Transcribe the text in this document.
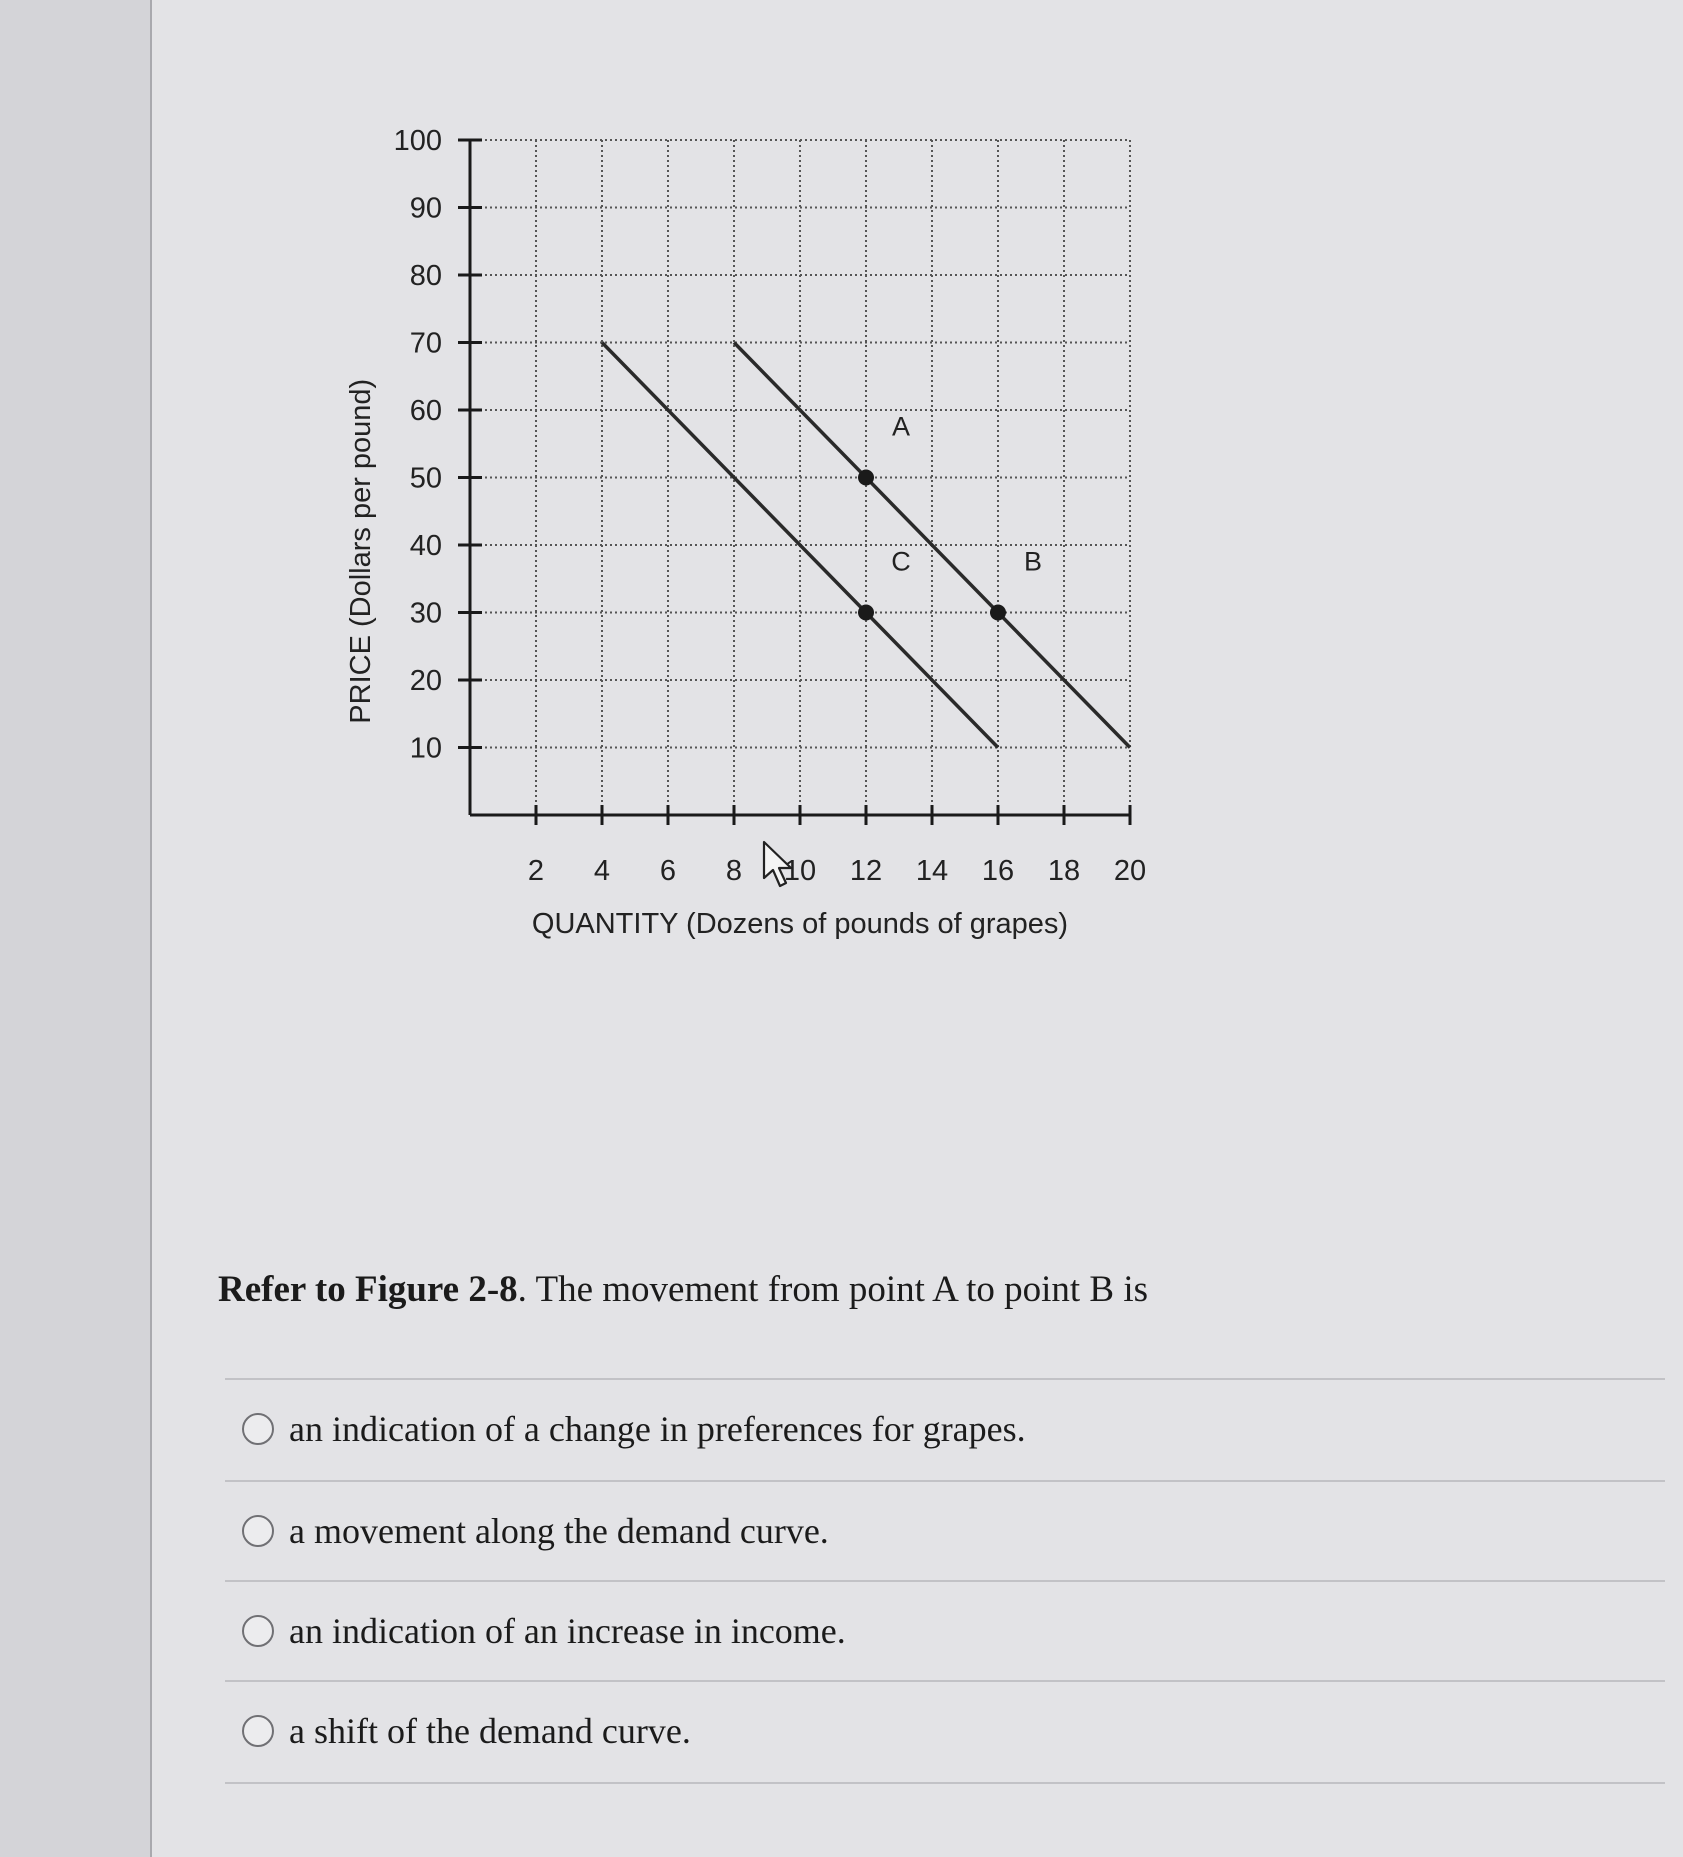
10
20
30
40
50
60
70
80
90
100
2 4 6 8 10 12 14 16 18 20
QUANTITY (Dozens of pounds of grapes)
PRICE (Dollars per pound)	A
C	B
Refer to Figure 2-8. The movement from point A to point B is
an indication of a change in preferences for grapes.
a movement along the demand curve.
an indication of an increase in income.
a shift of the demand curve.
